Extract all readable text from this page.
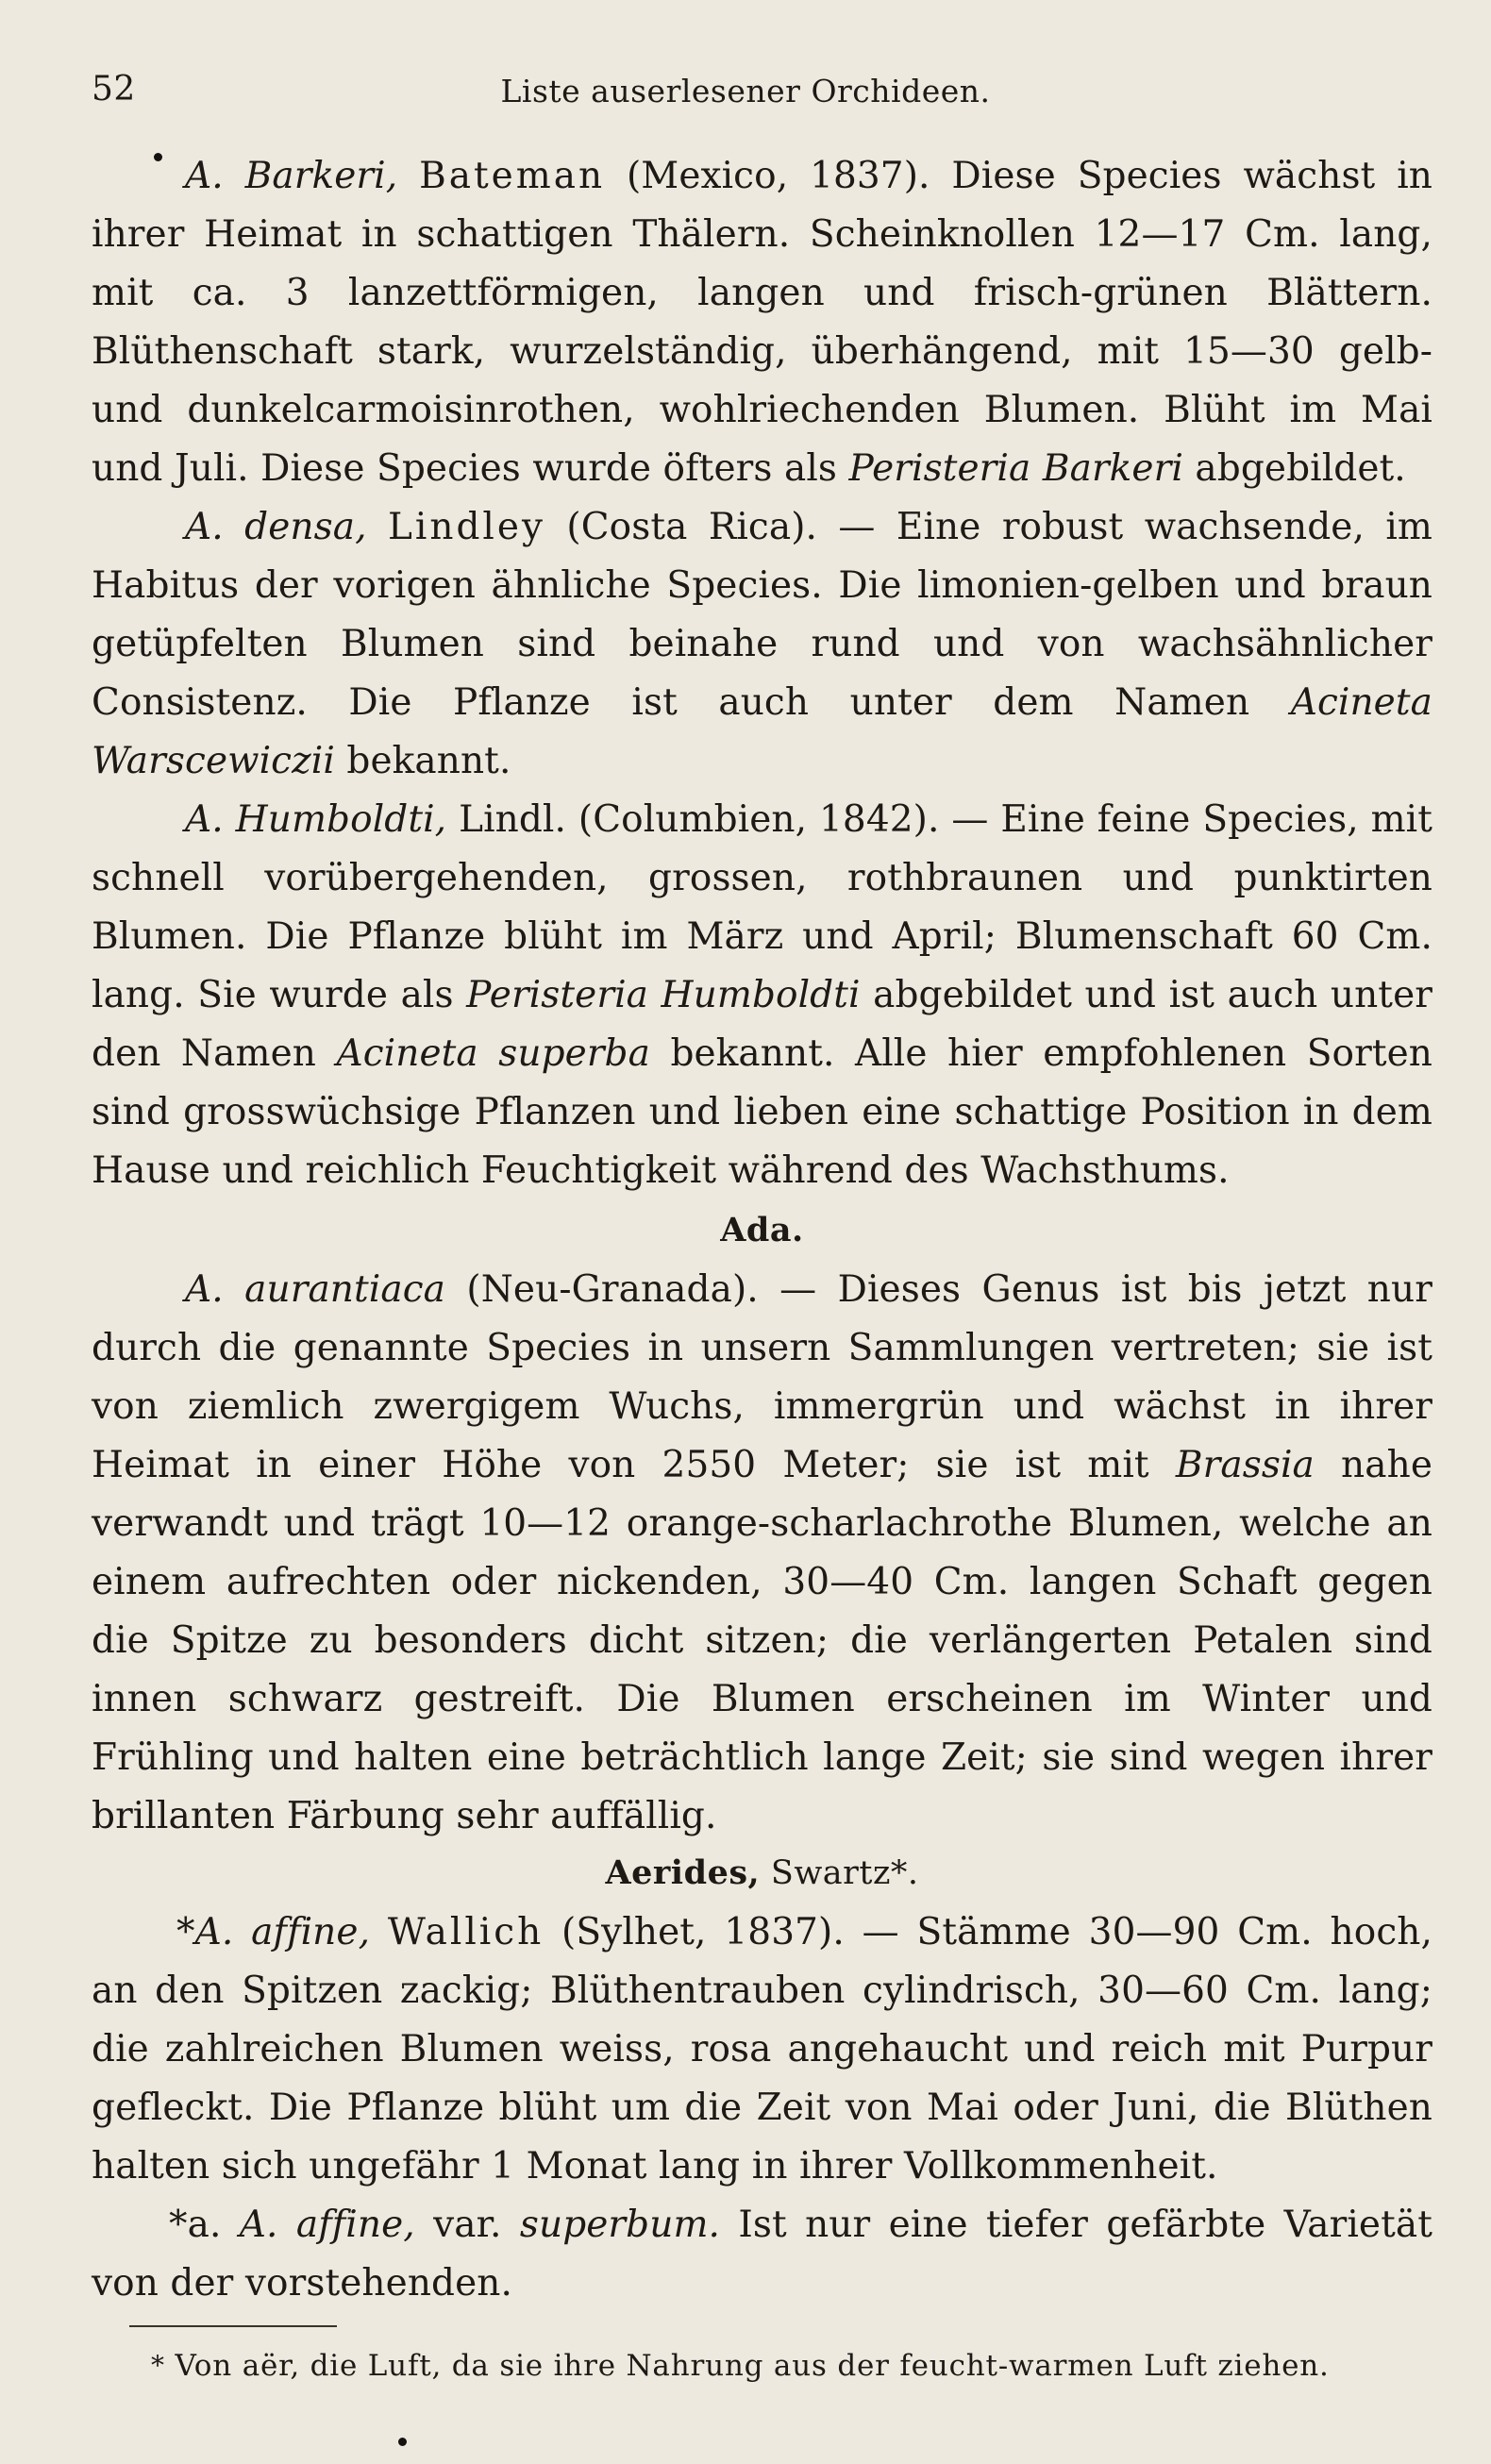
52	Liste auserlesener Orchideen.

A. Barkeri, Bateman (Mexico, 1837). Diese Species wächst in ihrer Heimat in schattigen Thälern. Scheinknollen 12—17 Cm. lang, mit ca. 3 lanzettförmigen, langen und frisch-grünen Blättern. Blüthenschaft stark, wurzelständig, überhängend, mit 15—30 gelb- und dunkelcarmoisinrothen, wohlriechenden Blumen. Blüht im Mai und Juli. Diese Species wurde öfters als Peristeria Barkeri abgebildet.

A. densa, Lindley (Costa Rica). — Eine robust wachsende, im Habitus der vorigen ähnliche Species. Die limonien-gelben und braun getüpfelten Blumen sind beinahe rund und von wachsähnlicher Consistenz. Die Pflanze ist auch unter dem Namen Acineta Warscewiczii bekannt.

A. Humboldti, Lindl. (Columbien, 1842). — Eine feine Species, mit schnell vorübergehenden, grossen, rothbraunen und punktirten Blumen. Die Pflanze blüht im März und April; Blumenschaft 60 Cm. lang. Sie wurde als Peristeria Humboldti abgebildet und ist auch unter den Namen Acineta superba bekannt. Alle hier empfohlenen Sorten sind grosswüchsige Pflanzen und lieben eine schattige Position in dem Hause und reichlich Feuchtigkeit während des Wachsthums.

Ada.

A. aurantiaca (Neu-Granada). — Dieses Genus ist bis jetzt nur durch die genannte Species in unsern Sammlungen vertreten; sie ist von ziemlich zwergigem Wuchs, immergrün und wächst in ihrer Heimat in einer Höhe von 2550 Meter; sie ist mit Brassia nahe verwandt und trägt 10—12 orange-scharlachrothe Blumen, welche an einem aufrechten oder nickenden, 30—40 Cm. langen Schaft gegen die Spitze zu besonders dicht sitzen; die verlängerten Petalen sind innen schwarz gestreift. Die Blumen erscheinen im Winter und Frühling und halten eine beträchtlich lange Zeit; sie sind wegen ihrer brillanten Färbung sehr auffällig.

Aerides, Swartz*.

*A. affine, Wallich (Sylhet, 1837). — Stämme 30—90 Cm. hoch, an den Spitzen zackig; Blüthentrauben cylindrisch, 30—60 Cm. lang; die zahlreichen Blumen weiss, rosa angehaucht und reich mit Purpur gefleckt. Die Pflanze blüht um die Zeit von Mai oder Juni, die Blüthen halten sich ungefähr 1 Monat lang in ihrer Vollkommenheit.

*a. A. affine, var. superbum. Ist nur eine tiefer gefärbte Varietät von der vorstehenden.

* Von aër, die Luft, da sie ihre Nahrung aus der feucht-warmen Luft ziehen.
